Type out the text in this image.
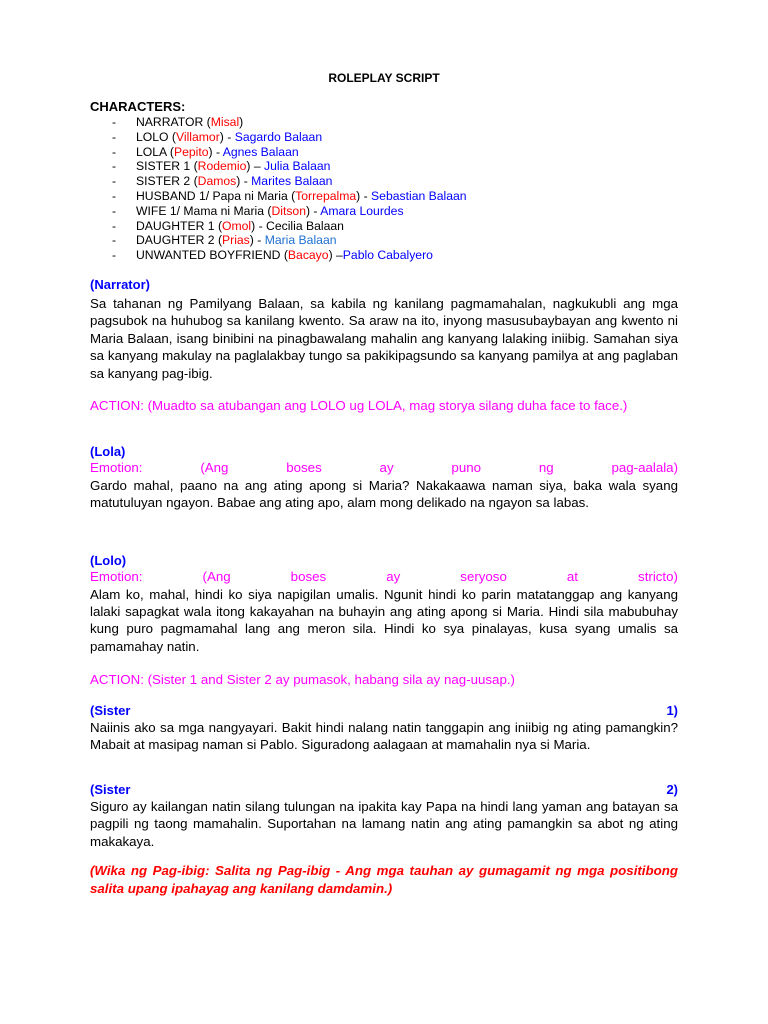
ROLEPLAY SCRIPT
CHARACTERS:
- NARRATOR (Misal)
- LOLO (Villamor) - Sagardo Balaan
- LOLA (Pepito) - Agnes Balaan
- SISTER 1 (Rodemio) – Julia Balaan
- SISTER 2 (Damos) - Marites Balaan
- HUSBAND 1/ Papa ni Maria (Torrepalma) - Sebastian Balaan
- WIFE 1/ Mama ni Maria (Ditson) - Amara Lourdes
- DAUGHTER 1 (Omol) - Cecilia Balaan
- DAUGHTER 2 (Prias) - Maria Balaan
- UNWANTED BOYFRIEND (Bacayo) –Pablo Cabalyero
(Narrator)
Sa tahanan ng Pamilyang Balaan, sa kabila ng kanilang pagmamahalan, nagkukubli ang mga pagsubok na huhubog sa kanilang kwento. Sa araw na ito, inyong masusubaybayan ang kwento ni Maria Balaan, isang binibini na pinagbawalang mahalin ang kanyang lalaking iniibig. Samahan siya sa kanyang makulay na paglalakbay tungo sa pakikipagsundo sa kanyang pamilya at ang paglaban sa kanyang pag-ibig.
ACTION: (Muadto sa atubangan ang LOLO ug LOLA, mag storya silang duha face to face.)
(Lola)
Emotion:	(Ang	boses	ay	puno	ng	pag-aalala)
Gardo mahal, paano na ang ating apong si Maria? Nakakaawa naman siya, baka wala syang matutuluyan ngayon. Babae ang ating apo, alam mong delikado na ngayon sa labas.
(Lolo)
Emotion:	(Ang	boses	ay	seryoso	at	stricto)
Alam ko, mahal, hindi ko siya napigilan umalis. Ngunit hindi ko parin matatanggap ang kanyang lalaki sapagkat wala itong kakayahan na buhayin ang ating apong si Maria. Hindi sila mabubuhay kung puro pagmamahal lang ang meron sila. Hindi ko sya pinalayas, kusa syang umalis sa pamamahay natin.
ACTION: (Sister 1 and Sister 2 ay pumasok, habang sila ay nag-uusap.)
(Sister	1)
Naiinis ako sa mga nangyayari. Bakit hindi nalang natin tanggapin ang iniibig ng ating pamangkin? Mabait at masipag naman si Pablo. Siguradong aalagaan at mamahalin nya si Maria.
(Sister	2)
Siguro ay kailangan natin silang tulungan na ipakita kay Papa na hindi lang yaman ang batayan sa pagpili ng taong mamahalin. Suportahan na lamang natin ang ating pamangkin sa abot ng ating makakaya.
(Wika ng Pag-ibig: Salita ng Pag-ibig - Ang mga tauhan ay gumagamit ng mga positibong salita upang ipahayag ang kanilang damdamin.)
